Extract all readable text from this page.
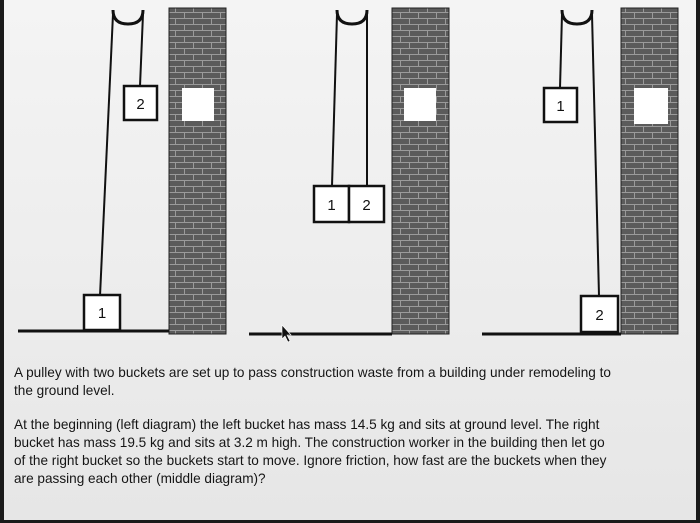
2
1
1 2
1
2

A pulley with two buckets are set up to pass construction waste from a building under remodeling to the ground level.

At the beginning (left diagram) the left bucket has mass 14.5 kg and sits at ground level. The right bucket has mass 19.5 kg and sits at 3.2 m high. The construction worker in the building then let go of the right bucket so the buckets start to move. Ignore friction, how fast are the buckets when they are passing each other (middle diagram)?
